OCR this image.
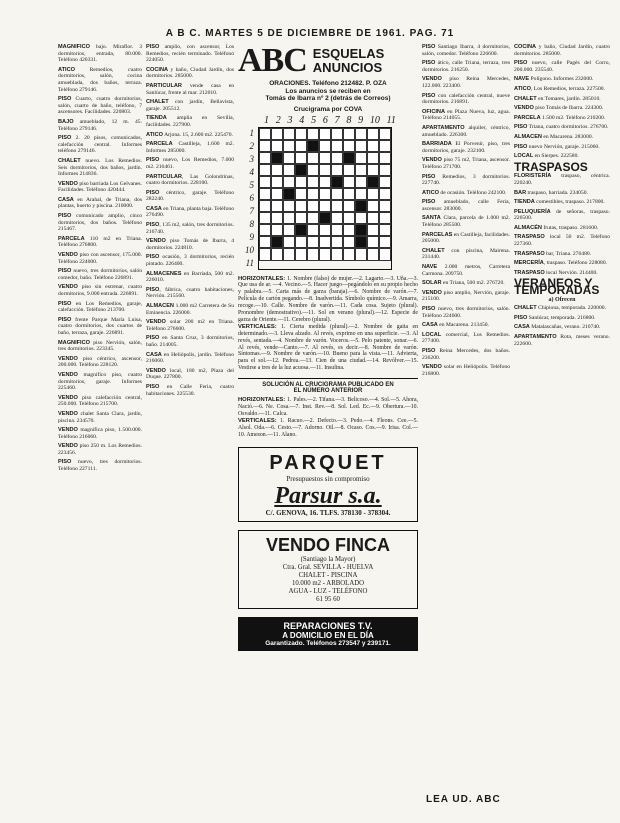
A B C. MARTES 5 DE DICIEMBRE DE 1961. PAG. 71

MAGNIFICO bajo. Miraflor. 3 dormitorios, entrada, 80.000. Teléfono 420331.

ATICO Remedios, cuatro dormitorios, salón, cocina amueblada, dos baños, terraza. Teléfono 279146.

PISO Cuarto, cuatro dormitorios, salón, cuarto de baño, teléfono, 7 ascensores. Facilidades. 220803.

BAJO amueblado, 12 m. 45. Teléfono 279146.

PISO 2. 20 pisos, comunicados, calefacción central. Informes teléfono 279146.

CHALET nuevo. Los Remedios. Seis dormitorios, dos baños, jardín. Informes 214836.

VENDO piso barriada Los Gelvanes. Facilidades. Teléfono 420444.

CASA en Arahal, de Triana, dos plantas, huerto y piscina. 210000.

PISO comunicado amplio, cinco dormitorios, dos baños. Teléfono 215467.

PARCELA 110 m2 en Triana. Teléfono 276800.

VENDO piso con ascensor, 175.000. Teléfono 224000.

PISO nuevo, tres dormitorios, salón comedor, baño. Teléfono 226891.

VENDO piso sin estrenar, cuatro dormitorios, 9.000 entrada. 226891.

PISO en Los Remedios, garaje, calefacción. Teléfono 213700.

PISO frente Parque María Luisa, cuatro dormitorios, dos cuartos de baño, terraza, garaje. 226891.

MAGNIFICO piso Nervión, salón, tres dormitorios. 223345.

VENDO piso céntrico, ascensor, 200.000. Teléfono 228120.

VENDO magnífico piso, cuatro dormitorios, garaje. Informes 225460.

VENDO piso calefacción central, 250.000. Teléfono 215700.

VENDO chalet Santa Clara, jardín, piscina. 234570.

VENDO magnífica piso, 1.500.000. Teléfono 216060.

VENDO piso 250 m. Los Remedios. 223456.

PISO nuevo, tres dormitorios. Teléfono 227111.

PISO amplio, con ascensor, Los Remedios, recién terminado. Teléfono 224050.

COCINA y baño, Ciudad Jardín, dos dormitorios. 285000.

PARTICULAR vende casa en Sanlúcar, frente al mar. 212010.

CHALET con jardín, Bellavista, garaje. 205512.

TIENDA amplia en Sevilla, facilidades. 227900.

ATICO Arjona. 15, 2.600 m2. 225470.

PARCELA Castilleja, 1.600 m2. Informes 285000.

PISO nuevo, Los Remedios, 7.000 m2. 216461.

PARTICULAR, Las Golondrinas, cuatro dormitorios. 228100.

PISO céntrico, garaje. Teléfono 282240.

CASA en Triana, planta baja. Teléfono 276490.

PISO, 135 m2, salón, tres dormitorios. 216740.

VENDO piso Tomás de Ibarra, 4 dormitorios. 224810.

PISO ocasión, 3 dormitorios, recién pintado. 226400.

ALMACENES en Barriada, 500 m2. 226010.

PISO, fábrica, cuatro habitaciones, Nervión. 215560.

ALMACEN 1.000 m2 Carretera de Su Eminencia. 226000.

VENDO solar 200 m2 en Triana. Teléfono 276600.

PISO en Santa Cruz, 3 dormitorios, baño. 214005.

CASA en Heliópolis, jardín. Teléfono 216060.

VENDO local, 180 m2, Plaza del Duque. 227800.

PISO en Calle Feria, cuatro habitaciones. 225530.

ABC ESQUELAS
ANUNCIOS
ORACIONES. Teléfono 212482. P. OZA
Los anuncios se reciben en
Tomás de Ibarra nº 2 (detrás de Correos)
Crucigrama por COVA
1 2 3 4 5 6 7 8 9 10 11
1
2
3
4
5
6
7
8
9
10
11
HORIZONTALES: 1. Nombre (falso) de mujer.—2. Lagarto.—3. Uña.—3. Que usa de ar. —4. Vecino.—5. Hacer juego—pegándolo en su propio hecho y palabra.—5. Carta más de garza (baraja).—6. Nombre de varón.—7. Película de cartón pegando.—8. Inadvertida. Símbolo químico.—9. Amarra, recoge.—10. Calle. Nombre de varón.—11. Cada cosa. Sujeto (plural). Pronombre (demostrativo).—11. Sol en verano (plural).—12. Especie de garza de Oriente.—11. Cerebro (plural).
VERTICALES: 1. Cierta medida (plural).—2. Nombre de gaita en determinado.—3. Lleva alzado. Al revés, exprimo en una superficie. —3. Al revés, sentada.—4. Nombre de varón. Voceros.—5. Pelo patente, sonar.—6. Al revés, vende—Canto.—7. Al revés, es decir.—8. Nombre de varón. Síntomas.—9. Nombre de varón.—10. Bueno para la vista.—11. Advierta, para el sol.—12. Pedrea.—13. Cien de una ciudad.—14. Revólver.—15. Vestirse a tres de la luz acuosa.—11. Insulina.
SOLUCIÓN AL CRUCIGRAMA PUBLICADO EN
EL NÚMERO ANTERIOR
HORIZONTALES: 1. Pales.—2. Tifana.—3. Belicoso.—4. Sol.—5. Ahora, Nació.—6. Ne. Cosa.—7. Inst. Rev.—8. Sol. Led. Ec.—9. Obertura.—10. Osvaldo.—11. Calca.
VERTICALES: 1. Racuo.—2. Defecto.—3. Pedo.—4. Fleons. Cee.—5. Alsol. Oda.—6. Cesto.—7. Adorno. Oil.—8. Ocaso. Cos.—9. Irisa. Col.—10. Ameson.—11. Alano.
PARQUET
Presupuestos sin compromiso
Parsur s.a.
C/. GENOVA, 16. TLFS. 378130 - 378304.
VENDO FINCA
(Santiago la Mayor)
Ctra. Gral. SEVILLA - HUELVA
CHALET - PISCINA
10.000 m2 - ARBOLADO
AGUA - LUZ - TELÉFONO
61 95 60
REPARACIONES T.V.
A DOMICILIO EN EL DÍA
Garantizado. Teléfonos 273547 y 239171.

PISO Santiago Ibarra, 4 dormitorios, salón, comedor. Teléfono 226600.

PISO ático, calle Triana, terraza, tres dormitorios. 216250.

VENDO piso Reina Mercedes, 122.000. 223400.

PISO con calefacción central, nueve dormitorios. 216891.

OFICINA en Plaza Nueva, luz, agua. Teléfono 214055.

APARTAMENTO alquiler, céntrico, amueblado. 226300.

BARRIADA El Porvenir, piso, tres dormitorios, garaje. 232100.

VENDO piso 75 m2, Triana, ascensor. Teléfono 271700.

PISO Remedios, 3 dormitorios. 227740.

ATICO de ocasión. Teléfono 242100.

PISO amueblado, calle Feria, ascensor. 283000.

SANTA Clara, parcela de 1.000 m2. Teléfono 285500.

PARCELAS en Castilleja, facilidades. 205000.

CHALET con piscina, Mairena. 231440.

NAVE 2.000 metros, Carretera Carmona. 209750.

SOLAR en Triana, 500 m2. 276720.

VENDO piso amplio, Nervión, garaje. 215100.

PISO nuevo, tres dormitorios, salón. Teléfono 224600.

CASA en Macarena. 213450.

LOCAL comercial, Los Remedios. 277400.

PISO Reina Mercedes, dos baños. 236200.

VENDO solar en Heliópolis. Teléfono 216800.

COCINA y baño, Ciudad Jardín, cuatro dormitorios. 285000.

PISO nuevo, calle Pagés del Corro, 200.000. 235540.

NAVE Polígono. Informes 232000.

ATICO, Los Remedios, terraza. 227500.

CHALET en Tomares, jardín. 285010.

VENDO piso Tomás de Ibarra. 224300.

PARCELA 1.500 m2. Teléfono 210200.

PISO Triana, cuatro dormitorios. 276700.

ALMACEN en Macarena. 283000.

PISO nuevo Nervión, garaje. 215060.

LOCAL en Sierpes. 222580.

TRASPASOS

FLORISTERÍA traspaso, céntrica. 220240.

BAR traspaso, barriada. 234050.

TIENDA comestibles, traspaso. 217800.

PELUQUERÍA de señoras, traspaso. 226500.

ALMACÉN frutas, traspaso. 281600.

TRASPASO local 50 m2. Teléfono 227360.

TRASPASO bar, Triana. 276480.

MERCERÍA, traspaso. Teléfono 228080.

TRASPASO local Nervión. 214400.

VERANEOS Y TEMPORADAS
a) Ofrecen

CHALET Chipiona, temporada. 220000.

PISO Sanlúcar, temporada. 216800.

CASA Matalascañas, verano. 210740.

APARTAMENTO Rota, meses verano. 222600.

LEA UD. ABC
